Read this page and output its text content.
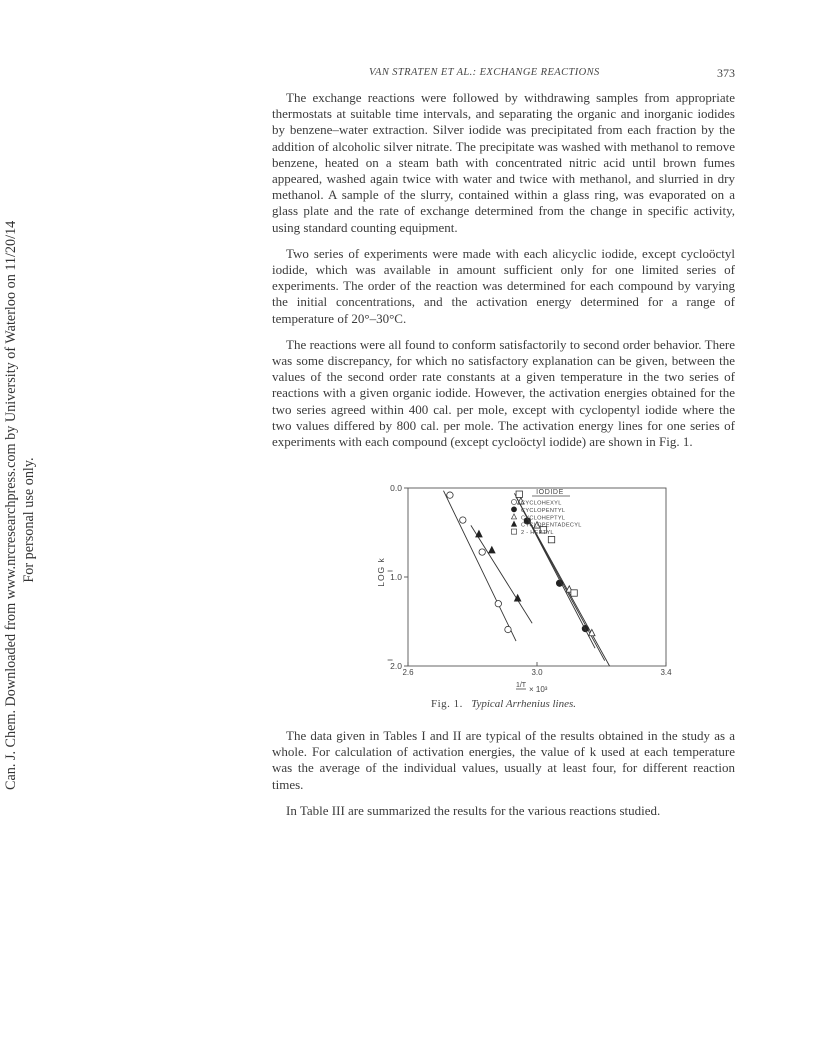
Can. J. Chem. Downloaded from www.nrcresearchpress.com by University of Waterloo on 11/20/14 For personal use only.
VAN STRATEN ET AL.: EXCHANGE REACTIONS	373

The exchange reactions were followed by withdrawing samples from appropriate thermostats at suitable time intervals, and separating the organic and inorganic iodides by benzene–water extraction. Silver iodide was precipitated from each fraction by the addition of alcoholic silver nitrate. The precipitate was washed with methanol to remove benzene, heated on a steam bath with concentrated nitric acid until brown fumes appeared, washed again twice with water and twice with methanol, and slurried in dry methanol. A sample of the slurry, contained within a glass ring, was evaporated on a glass plate and the rate of exchange determined from the change in specific activity, using standard counting equipment.

Two series of experiments were made with each alicyclic iodide, except cycloöctyl iodide, which was available in amount sufficient only for one limited series of experiments. The order of the reaction was determined for each compound by varying the initial concentrations, and the activation energy determined for a range of temperature of 20°–30°C.

The reactions were all found to conform satisfactorily to second order behavior. There was some discrepancy, for which no satisfactory explanation can be given, between the values of the second order rate constants at a given temperature in the two series of reactions with a given organic iodide. However, the activation energies obtained for the two series agreed within 400 cal. per mole, except with cyclopentyl iodide where the two values differed by 800 cal. per mole. The activation energy lines for one series of experiments with each compound (except cycloöctyl iodide) are shown in Fig. 1.

0.0
1.0
2.0
2.6	3.0	3.4
LOG k
1/T × 10³
IODIDE
CYCLOHEXYL
CYCLOPENTYL
CYCLOHEPTYL
CYCLOPENTADECYL
2 - HEPTYL
Fig. 1. Typical Arrhenius lines.

The data given in Tables I and II are typical of the results obtained in the study as a whole. For calculation of activation energies, the value of k used at each temperature was the average of the individual values, usually at least four, for different reaction times.

In Table III are summarized the results for the various reactions studied.
